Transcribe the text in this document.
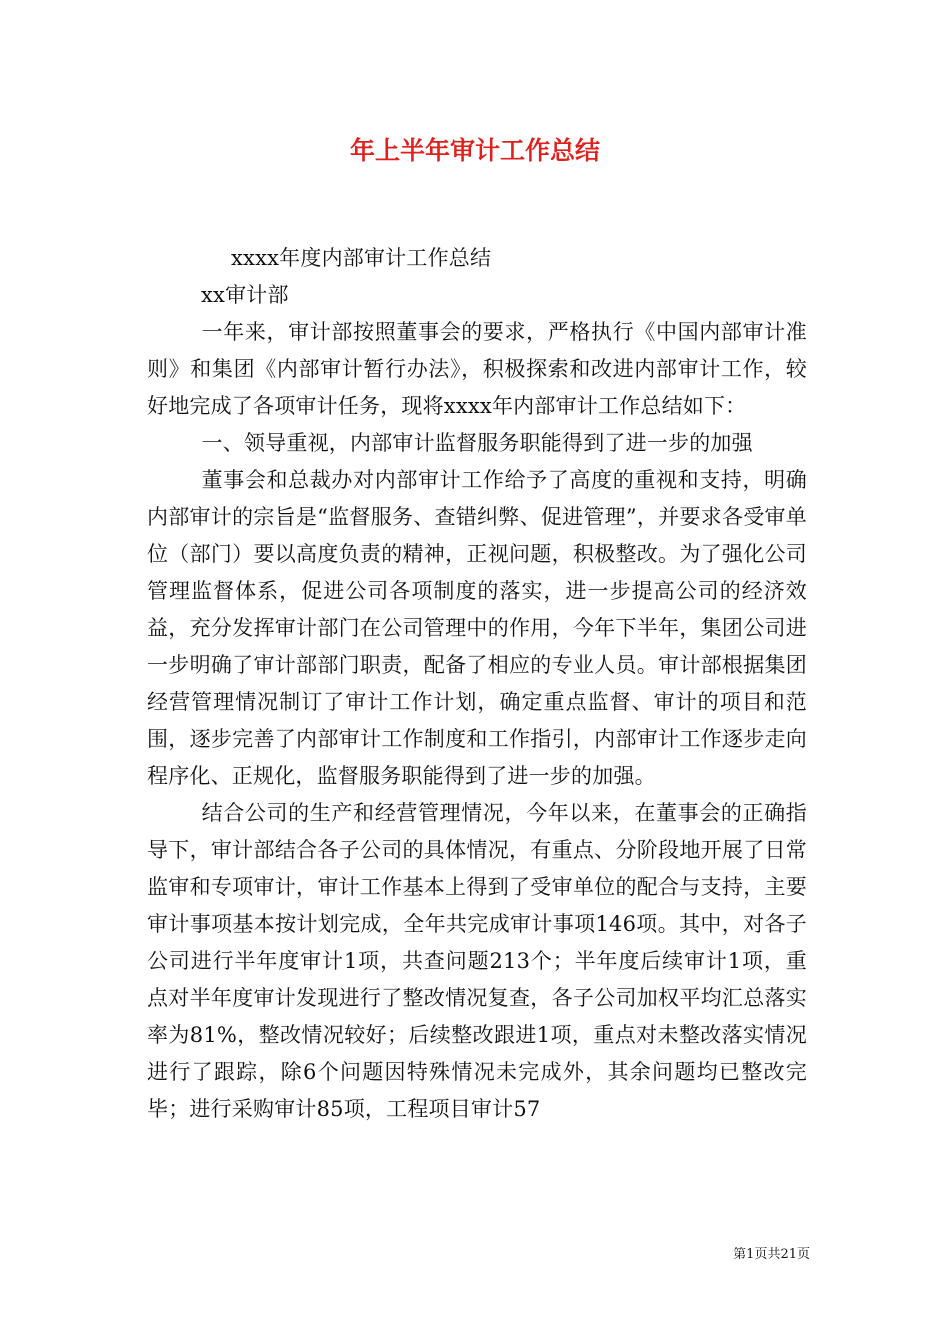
年上半年审计工作总结

xxxx年度内部审计工作总结

xx审计部

一年来，审计部按照董事会的要求，严格执行《中国内部审计准则》和集团《内部审计暂行办法》，积极探索和改进内部审计工作，较好地完成了各项审计任务，现将xxxx年内部审计工作总结如下：

一、领导重视，内部审计监督服务职能得到了进一步的加强

董事会和总裁办对内部审计工作给予了高度的重视和支持，明确内部审计的宗旨是“监督服务、查错纠弊、促进管理”，并要求各受审单位（部门）要以高度负责的精神，正视问题，积极整改。为了强化公司管理监督体系，促进公司各项制度的落实，进一步提高公司的经济效益，充分发挥审计部门在公司管理中的作用，今年下半年，集团公司进一步明确了审计部部门职责，配备了相应的专业人员。审计部根据集团经营管理情况制订了审计工作计划，确定重点监督、审计的项目和范围，逐步完善了内部审计工作制度和工作指引，内部审计工作逐步走向程序化、正规化，监督服务职能得到了进一步的加强。

结合公司的生产和经营管理情况，今年以来，在董事会的正确指导下，审计部结合各子公司的具体情况，有重点、分阶段地开展了日常监审和专项审计，审计工作基本上得到了受审单位的配合与支持，主要审计事项基本按计划完成，全年共完成审计事项146项。其中，对各子公司进行半年度审计1项，共查问题213个；半年度后续审计1项，重点对半年度审计发现进行了整改情况复查，各子公司加权平均汇总落实率为81%，整改情况较好；后续整改跟进1项，重点对未整改落实情况进行了跟踪，除6个问题因特殊情况未完成外，其余问题均已整改完毕；进行采购审计85项，工程项目审计57

第1页共21页
